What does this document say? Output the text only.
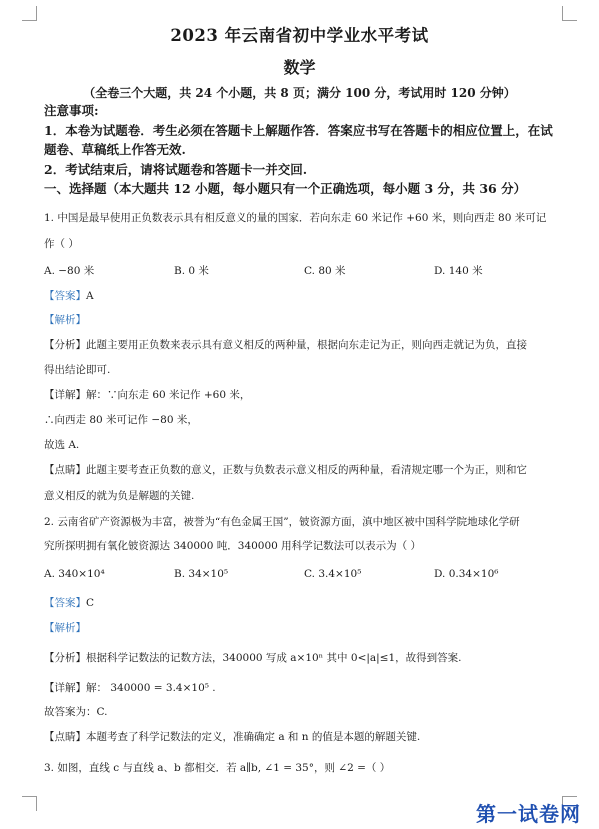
2023 年云南省初中学业水平考试
数学
（全卷三个大题，共 24 个小题，共 8 页；满分 100 分，考试用时 120 分钟）
注意事项:
1．本卷为试题卷．考生必须在答题卡上解题作答．答案应书写在答题卡的相应位置上，在试
题卷、草稿纸上作答无效.
2．考试结束后，请将试题卷和答题卡一并交回.
一、选择题（本大题共 12 小题，每小题只有一个正确选项，每小题 3 分，共 36 分）
1. 中国是最早使用正负数表示具有相反意义的量的国家．若向东走 60 米记作 +60 米，则向西走 80 米可记
作（ ）
A. −80 米	B. 0 米	C. 80 米	D. 140 米
【答案】A
【解析】
【分析】此题主要用正负数来表示具有意义相反的两种量，根据向东走记为正，则向西走就记为负，直接
得出结论即可.
【详解】解：∵向东走 60 米记作 +60 米，
∴向西走 80 米可记作 −80 米，
故选 A.
【点睛】此题主要考查正负数的意义，正数与负数表示意义相反的两种量，看清规定哪一个为正，则和它
意义相反的就为负是解题的关键.
2. 云南省矿产资源极为丰富，被誉为“有色金属王国”，铍资源方面，滇中地区被中国科学院地球化学研
究所探明拥有氧化铍资源达 340000 吨．340000 用科学记数法可以表示为（ ）
A. 340×10⁴	B. 34×10⁵	C. 3.4×10⁵	D. 0.34×10⁶
【答案】C
【解析】
【分析】根据科学记数法的记数方法，340000 写成 a×10ⁿ 其中 0<|a|≤1，故得到答案.
【详解】解： 340000 = 3.4×10⁵ .
故答案为：C.
【点睛】本题考查了科学记数法的定义，准确确定 a 和 n 的值是本题的解题关键.
3. 如图，直线 c 与直线 a、b 都相交．若 a∥b, ∠1 = 35°，则 ∠2 =（ ）
第一试卷网
